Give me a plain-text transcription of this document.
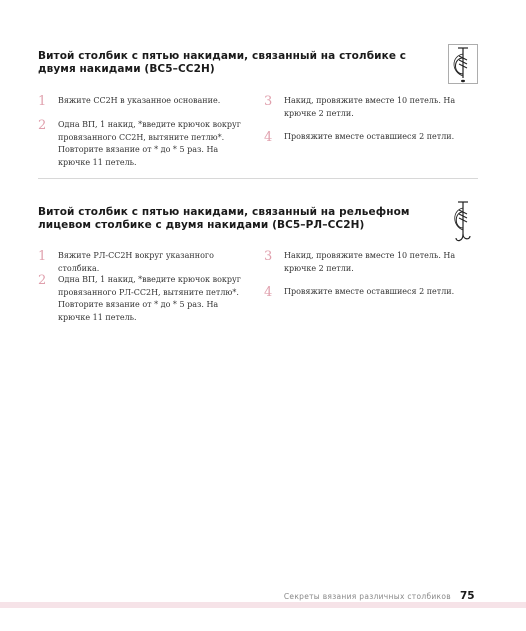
Витой столбик с пятью накидами, связанный на столбике с двумя накидами (ВС5–СС2Н)
1	Вяжите СС2Н в указанное основание.
2	Одна ВП, 1 накид, *введите крючок вокруг провязанного СС2Н, вытяните петлю*. Повторите вязание от * до * 5 раз. На крючке 11 петель.
3	Накид, провяжите вместе 10 петель. На крючке 2 петли.
4	Провяжите вместе оставшиеся 2 петли.
Витой столбик с пятью накидами, связанный на рельефном лицевом столбике с двумя накидами (ВС5–РЛ–СС2Н)
1	Вяжите РЛ-СС2Н вокруг указанного столбика.
2	Одна ВП, 1 накид, *введите крючок вокруг провязанного РЛ-СС2Н, вытяните петлю*. Повторите вязание от * до * 5 раз. На крючке 11 петель.
3	Накид, провяжите вместе 10 петель. На крючке 2 петли.
4	Провяжите вместе оставшиеся 2 петли.
Секреты вязания различных столбиков 75
